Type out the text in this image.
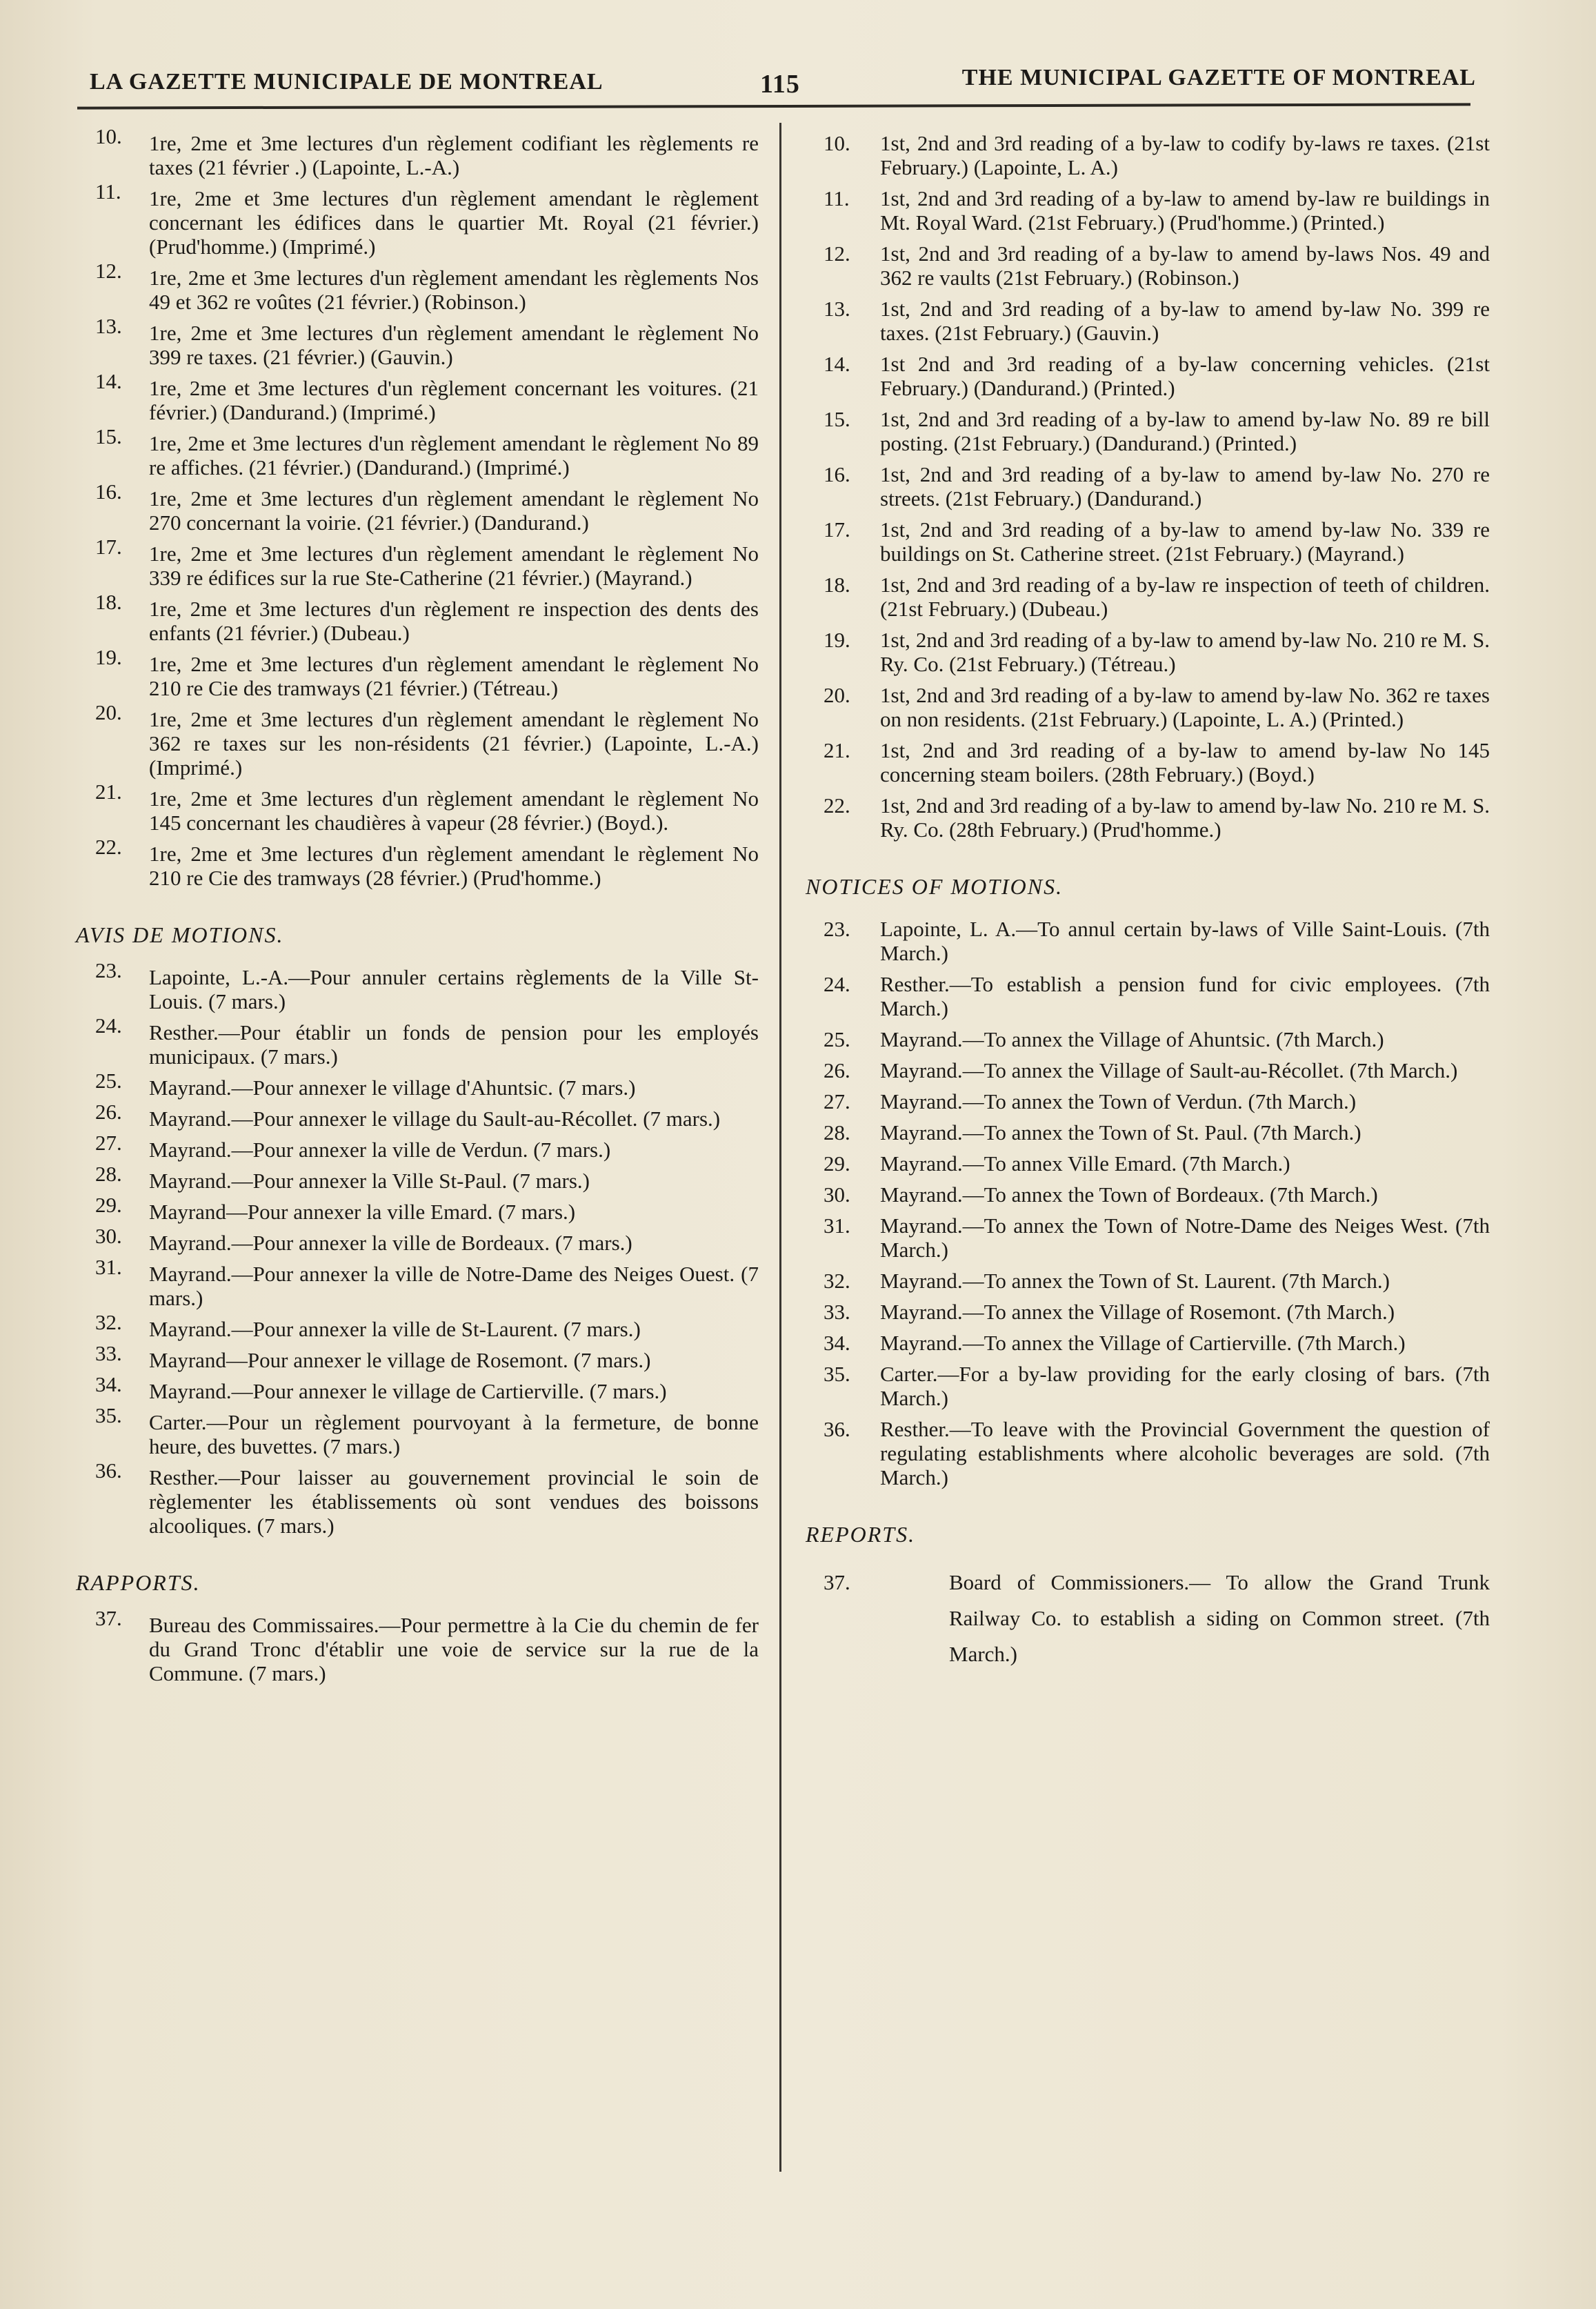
LA GAZETTE MUNICIPALE DE MONTREAL	115	THE MUNICIPAL GAZETTE OF MONTREAL
10. 1re, 2me et 3me lectures d'un règlement codifiant les règlements re taxes (21 février .) (Lapointe, L.-A.)
11. 1re, 2me et 3me lectures d'un règlement amendant le règlement concernant les édifices dans le quartier Mt. Royal (21 février.) (Prud'homme.) (Imprimé.)
12. 1re, 2me et 3me lectures d'un règlement amendant les règlements Nos 49 et 362 re voûtes (21 février.) (Robinson.)
13. 1re, 2me et 3me lectures d'un règlement amendant le règlement No 399 re taxes. (21 février.) (Gauvin.)
14. 1re, 2me et 3me lectures d'un règlement concernant les voitures. (21 février.) (Dandurand.) (Imprimé.)
15. 1re, 2me et 3me lectures d'un règlement amendant le règlement No 89 re affiches. (21 février.) (Dandurand.) (Imprimé.)
16. 1re, 2me et 3me lectures d'un règlement amendant le règlement No 270 concernant la voirie. (21 février.) (Dandurand.)
17. 1re, 2me et 3me lectures d'un règlement amendant le règlement No 339 re édifices sur la rue Ste-Catherine (21 février.) (Mayrand.)
18. 1re, 2me et 3me lectures d'un règlement re inspection des dents des enfants (21 février.) (Dubeau.)
19. 1re, 2me et 3me lectures d'un règlement amendant le règlement No 210 re Cie des tramways (21 février.) (Tétreau.)
20. 1re, 2me et 3me lectures d'un règlement amendant le règlement No 362 re taxes sur les non-résidents (21 février.) (Lapointe, L.-A.) (Imprimé.)
21. 1re, 2me et 3me lectures d'un règlement amendant le règlement No 145 concernant les chaudières à vapeur (28 février.) (Boyd.).
22. 1re, 2me et 3me lectures d'un règlement amendant le règlement No 210 re Cie des tramways (28 février.) (Prud'homme.)
AVIS DE MOTIONS.
23. Lapointe, L.-A.—Pour annuler certains règlements de la Ville St-Louis. (7 mars.)
24. Resther.—Pour établir un fonds de pension pour les employés municipaux. (7 mars.)
25. Mayrand.—Pour annexer le village d'Ahuntsic. (7 mars.)
26. Mayrand.—Pour annexer le village du Sault-au-Récollet. (7 mars.)
27. Mayrand.—Pour annexer la ville de Verdun. (7 mars.)
28. Mayrand.—Pour annexer la Ville St-Paul. (7 mars.)
29. Mayrand—Pour annexer la ville Emard. (7 mars.)
30. Mayrand.—Pour annexer la ville de Bordeaux. (7 mars.)
31. Mayrand.—Pour annexer la ville de Notre-Dame des Neiges Ouest. (7 mars.)
32. Mayrand.—Pour annexer la ville de St-Laurent. (7 mars.)
33. Mayrand—Pour annexer le village de Rosemont. (7 mars.)
34. Mayrand.—Pour annexer le village de Cartierville. (7 mars.)
35. Carter.—Pour un règlement pourvoyant à la fermeture, de bonne heure, des buvettes. (7 mars.)
36. Resther.—Pour laisser au gouvernement provincial le soin de règlementer les établissements où sont vendues des boissons alcooliques. (7 mars.)
RAPPORTS.
37. Bureau des Commissaires.—Pour permettre à la Cie du chemin de fer du Grand Tronc d'établir une voie de service sur la rue de la Commune. (7 mars.)
10. 1st, 2nd and 3rd reading of a by-law to codify by-laws re taxes. (21st February.) (Lapointe, L. A.)
11. 1st, 2nd and 3rd reading of a by-law to amend by-law re buildings in Mt. Royal Ward. (21st February.) (Prud'homme.) (Printed.)
12. 1st, 2nd and 3rd reading of a by-law to amend by-laws Nos. 49 and 362 re vaults (21st February.) (Robinson.)
13. 1st, 2nd and 3rd reading of a by-law to amend by-law No. 399 re taxes. (21st February.) (Gauvin.)
14. 1st 2nd and 3rd reading of a by-law concerning vehicles. (21st February.) (Dandurand.) (Printed.)
15. 1st, 2nd and 3rd reading of a by-law to amend by-law No. 89 re bill posting. (21st February.) (Dandurand.) (Printed.)
16. 1st, 2nd and 3rd reading of a by-law to amend by-law No. 270 re streets. (21st February.) (Dandurand.)
17. 1st, 2nd and 3rd reading of a by-law to amend by-law No. 339 re buildings on St. Catherine street. (21st February.) (Mayrand.)
18. 1st, 2nd and 3rd reading of a by-law re inspection of teeth of children. (21st February.) (Dubeau.)
19. 1st, 2nd and 3rd reading of a by-law to amend by-law No. 210 re M. S. Ry. Co. (21st February.) (Tétreau.)
20. 1st, 2nd and 3rd reading of a by-law to amend by-law No. 362 re taxes on non residents. (21st February.) (Lapointe, L. A.) (Printed.)
21. 1st, 2nd and 3rd reading of a by-law to amend by-law No 145 concerning steam boilers. (28th February.) (Boyd.)
22. 1st, 2nd and 3rd reading of a by-law to amend by-law No. 210 re M. S. Ry. Co. (28th February.) (Prud'homme.)
NOTICES OF MOTIONS.
23. Lapointe, L. A.—To annul certain by-laws of Ville Saint-Louis. (7th March.)
24. Resther.—To establish a pension fund for civic employees. (7th March.)
25. Mayrand.—To annex the Village of Ahuntsic. (7th March.)
26. Mayrand.—To annex the Village of Sault-au-Récollet. (7th March.)
27. Mayrand.—To annex the Town of Verdun. (7th March.)
28. Mayrand.—To annex the Town of St. Paul. (7th March.)
29. Mayrand.—To annex Ville Emard. (7th March.)
30. Mayrand.—To annex the Town of Bordeaux. (7th March.)
31. Mayrand.—To annex the Town of Notre-Dame des Neiges West. (7th March.)
32. Mayrand.—To annex the Town of St. Laurent. (7th March.)
33. Mayrand.—To annex the Village of Rosemont. (7th March.)
34. Mayrand.—To annex the Village of Cartierville. (7th March.)
35. Carter.—For a by-law providing for the early closing of bars. (7th March.)
36. Resther.—To leave with the Provincial Government the question of regulating establishments where alcoholic beverages are sold. (7th March.)
REPORTS.
37.	Board of Commissioners.— To allow the Grand Trunk Railway Co. to establish a siding on Common street. (7th March.)
